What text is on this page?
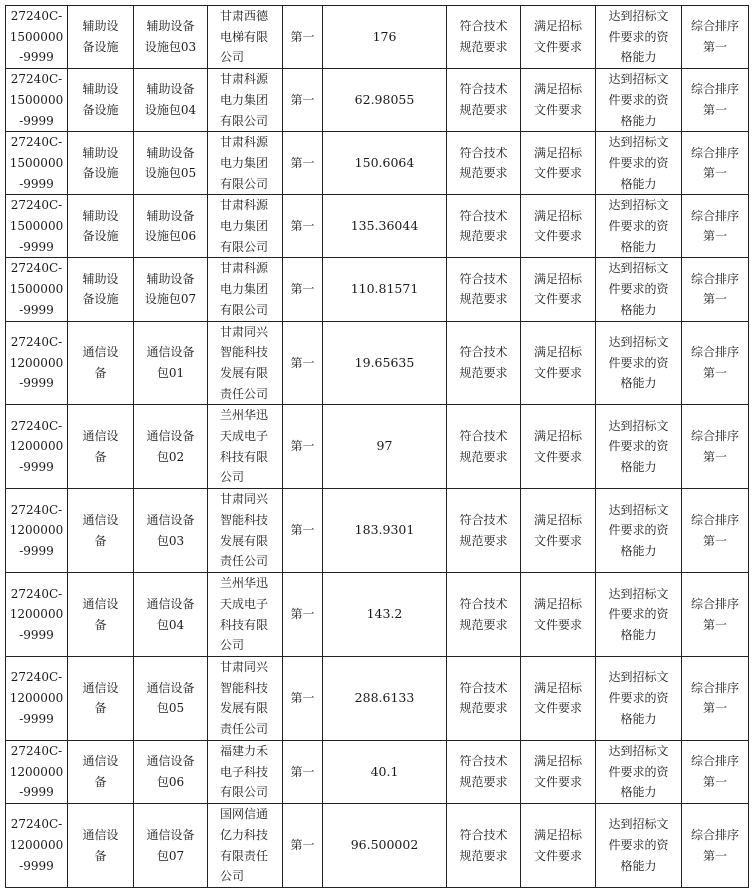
27240C-
1500000
-9999	辅助设
备设施	辅助设备
设施包03	甘肃西德
电梯有限
公司	第一	176	符合技术
规范要求	满足招标
文件要求	达到招标文
件要求的资
格能力	综合排序
第一
27240C-
1500000
-9999	辅助设
备设施	辅助设备
设施包04	甘肃科源
电力集团
有限公司	第一	62.98055	符合技术
规范要求	满足招标
文件要求	达到招标文
件要求的资
格能力	综合排序
第一
27240C-
1500000
-9999	辅助设
备设施	辅助设备
设施包05	甘肃科源
电力集团
有限公司	第一	150.6064	符合技术
规范要求	满足招标
文件要求	达到招标文
件要求的资
格能力	综合排序
第一
27240C-
1500000
-9999	辅助设
备设施	辅助设备
设施包06	甘肃科源
电力集团
有限公司	第一	135.36044	符合技术
规范要求	满足招标
文件要求	达到招标文
件要求的资
格能力	综合排序
第一
27240C-
1500000
-9999	辅助设
备设施	辅助设备
设施包07	甘肃科源
电力集团
有限公司	第一	110.81571	符合技术
规范要求	满足招标
文件要求	达到招标文
件要求的资
格能力	综合排序
第一
27240C-
1200000
-9999	通信设
备	通信设备
包01	甘肃同兴
智能科技
发展有限
责任公司	第一	19.65635	符合技术
规范要求	满足招标
文件要求	达到招标文
件要求的资
格能力	综合排序
第一
27240C-
1200000
-9999	通信设
备	通信设备
包02	兰州华迅
天成电子
科技有限
公司	第一	97	符合技术
规范要求	满足招标
文件要求	达到招标文
件要求的资
格能力	综合排序
第一
27240C-
1200000
-9999	通信设
备	通信设备
包03	甘肃同兴
智能科技
发展有限
责任公司	第一	183.9301	符合技术
规范要求	满足招标
文件要求	达到招标文
件要求的资
格能力	综合排序
第一
27240C-
1200000
-9999	通信设
备	通信设备
包04	兰州华迅
天成电子
科技有限
公司	第一	143.2	符合技术
规范要求	满足招标
文件要求	达到招标文
件要求的资
格能力	综合排序
第一
27240C-
1200000
-9999	通信设
备	通信设备
包05	甘肃同兴
智能科技
发展有限
责任公司	第一	288.6133	符合技术
规范要求	满足招标
文件要求	达到招标文
件要求的资
格能力	综合排序
第一
27240C-
1200000
-9999	通信设
备	通信设备
包06	福建力禾
电子科技
有限公司	第一	40.1	符合技术
规范要求	满足招标
文件要求	达到招标文
件要求的资
格能力	综合排序
第一
27240C-
1200000
-9999	通信设
备	通信设备
包07	国网信通
亿力科技
有限责任
公司	第一	96.500002	符合技术
规范要求	满足招标
文件要求	达到招标文
件要求的资
格能力	综合排序
第一
